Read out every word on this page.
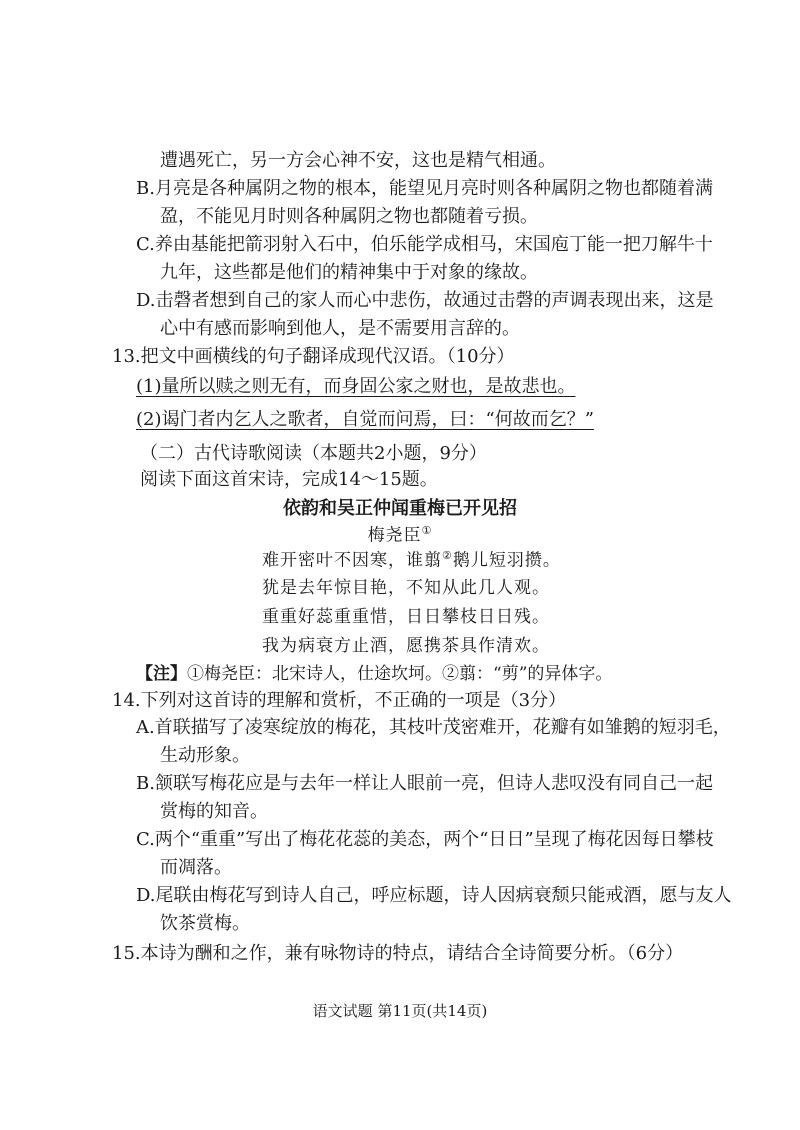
遭遇死亡，另一方会心神不安，这也是精气相通。
B.月亮是各种属阴之物的根本，能望见月亮时则各种属阴之物也都随着满
盈，不能见月时则各种属阴之物也都随着亏损。
C.养由基能把箭羽射入石中，伯乐能学成相马，宋国庖丁能一把刀解牛十
九年，这些都是他们的精神集中于对象的缘故。
D.击磬者想到自己的家人而心中悲伤，故通过击磬的声调表现出来，这是
心中有感而影响到他人，是不需要用言辞的。
13.把文中画横线的句子翻译成现代汉语。（10分）
(1)量所以赎之则无有，而身固公家之财也，是故悲也。
(2)谒门者内乞人之歌者，自觉而问焉，曰：“何故而乞？”
（二）古代诗歌阅读（本题共2小题，9分）
阅读下面这首宋诗，完成14～15题。
依韵和吴正仲闻重梅已开见招
梅尧臣①
难开密叶不因寒，谁翦②鹅儿短羽攒。
犹是去年惊目艳，不知从此几人观。
重重好蕊重重惜，日日攀枝日日残。
我为病衰方止酒，愿携茶具作清欢。
【注】①梅尧臣：北宋诗人，仕途坎坷。②翦：“剪”的异体字。
14.下列对这首诗的理解和赏析，不正确的一项是（3分）
A.首联描写了凌寒绽放的梅花，其枝叶茂密难开，花瓣有如雏鹅的短羽毛，
生动形象。
B.颔联写梅花应是与去年一样让人眼前一亮，但诗人悲叹没有同自己一起
赏梅的知音。
C.两个“重重”写出了梅花花蕊的美态，两个“日日”呈现了梅花因每日攀枝
而凋落。
D.尾联由梅花写到诗人自己，呼应标题，诗人因病衰颓只能戒酒，愿与友人
饮茶赏梅。
15.本诗为酬和之作，兼有咏物诗的特点，请结合全诗简要分析。（6分）
语文试题 第11页(共14页)
